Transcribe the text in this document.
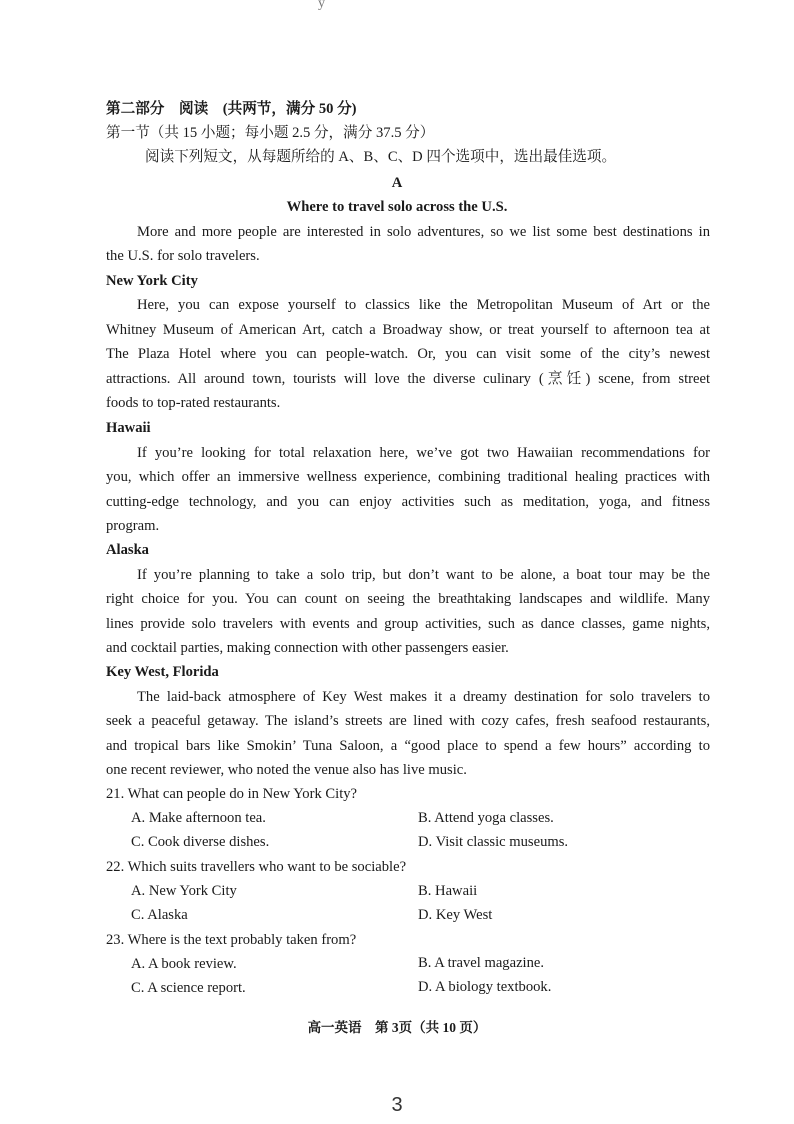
y
第二部分　阅读　(共两节，满分 50 分)
第一节（共 15 小题；每小题 2.5 分，满分 37.5 分）
阅读下列短文，从每题所给的 A、B、C、D 四个选项中，选出最佳选项。
A
Where to travel solo across the U.S.
More and more people are interested in solo adventures, so we list some best destinations in
the U.S. for solo travelers.
New York City
Here, you can expose yourself to classics like the Metropolitan Museum of Art or the
Whitney Museum of American Art, catch a Broadway show, or treat yourself to afternoon tea at
The Plaza Hotel where you can people-watch. Or, you can visit some of the city’s newest
attractions. All around town, tourists will love the diverse culinary (烹饪) scene, from street
foods to top-rated restaurants.
Hawaii
If you’re looking for total relaxation here, we’ve got two Hawaiian recommendations for
you, which offer an immersive wellness experience, combining traditional healing practices with
cutting-edge technology, and you can enjoy activities such as meditation, yoga, and fitness
program.
Alaska
If you’re planning to take a solo trip, but don’t want to be alone, a boat tour may be the
right choice for you. You can count on seeing the breathtaking landscapes and wildlife. Many
lines provide solo travelers with events and group activities, such as dance classes, game nights,
and cocktail parties, making connection with other passengers easier.
Key West, Florida
The laid-back atmosphere of Key West makes it a dreamy destination for solo travelers to
seek a peaceful getaway. The island’s streets are lined with cozy cafes, fresh seafood restaurants,
and tropical bars like Smokin’ Tuna Saloon, a “good place to spend a few hours” according to
one recent reviewer, who noted the venue also has live music.
21. What can people do in New York City?
A. Make afternoon tea.	B. Attend yoga classes.
C. Cook diverse dishes.	D. Visit classic museums.
22. Which suits travellers who want to be sociable?
A. New York City	B. Hawaii
C. Alaska	D. Key West
23. Where is the text probably taken from?
A. A book review.	B. A travel magazine.
C. A science report.	D. A biology textbook.
高一英语　第 3页（共 10 页）
3
